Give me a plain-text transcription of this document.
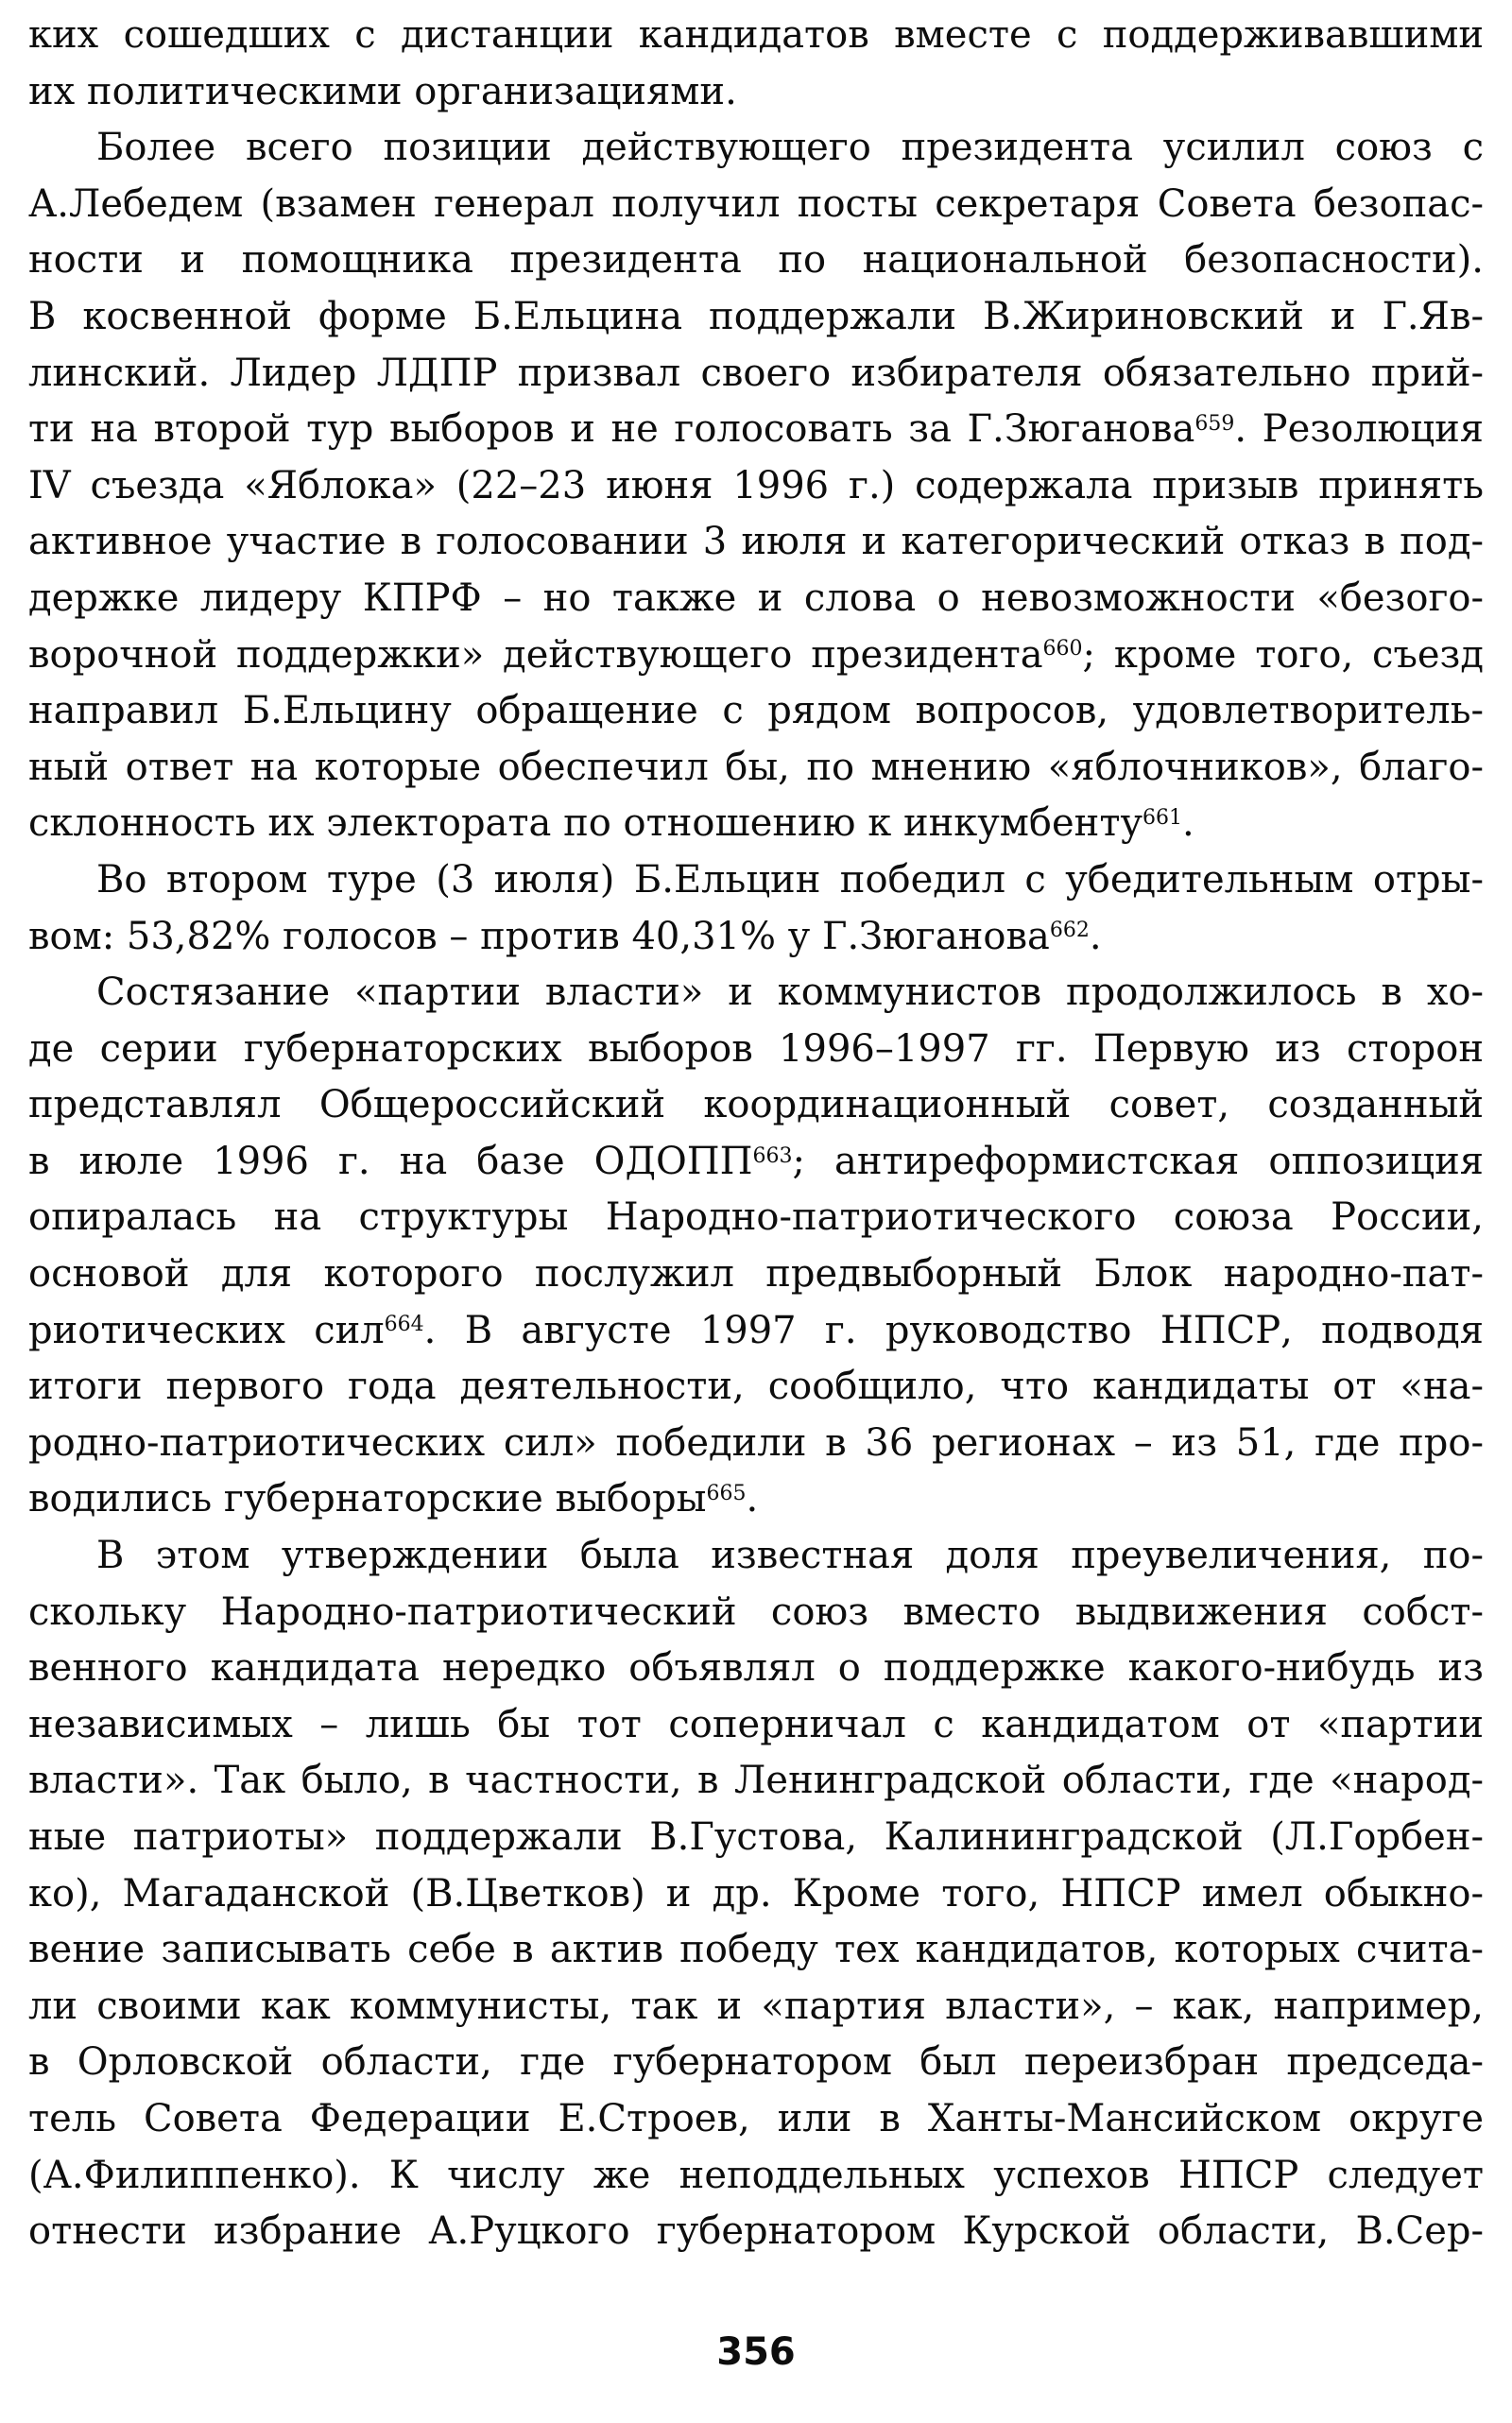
ких сошедших с дистанции кандидатов вместе с поддерживавшими
их политическими организациями.
Более всего позиции действующего президента усилил союз с
А.Лебедем (взамен генерал получил посты секретаря Совета безопас-
ности и помощника президента по национальной безопасности).
В косвенной форме Б.Ельцина поддержали В.Жириновский и Г.Яв-
линский. Лидер ЛДПР призвал своего избирателя обязательно прий-
ти на второй тур выборов и не голосовать за Г.Зюганова$^{659}$. Резолюция
IV съезда «Яблока» (22–23 июня 1996 г.) содержала призыв принять
активное участие в голосовании 3 июля и категорический отказ в под-
держке лидеру КПРФ – но также и слова о невозможности «безого-
ворочной поддержки» действующего президента$^{660}$; кроме того, съезд
направил Б.Ельцину обращение с рядом вопросов, удовлетворитель-
ный ответ на которые обеспечил бы, по мнению «яблочников», благо-
склонность их электората по отношению к инкумбенту$^{661}$.
Во втором туре (3 июля) Б.Ельцин победил с убедительным отры-
вом: 53,82% голосов – против 40,31% у Г.Зюганова$^{662}$.
Состязание «партии власти» и коммунистов продолжилось в хо-
де серии губернаторских выборов 1996–1997 гг. Первую из сторон
представлял Общероссийский координационный совет, созданный
в июле 1996 г. на базе ОДОПП$^{663}$; антиреформистская оппозиция
опиралась на структуры Народно-патриотического союза России,
основой для которого послужил предвыборный Блок народно-пат-
риотических сил$^{664}$. В августе 1997 г. руководство НПСР, подводя
итоги первого года деятельности, сообщило, что кандидаты от «на-
родно-патриотических сил» победили в 36 регионах – из 51, где про-
водились губернаторские выборы$^{665}$.
В этом утверждении была известная доля преувеличения, по-
скольку Народно-патриотический союз вместо выдвижения собст-
венного кандидата нередко объявлял о поддержке какого-нибудь из
независимых – лишь бы тот соперничал с кандидатом от «партии
власти». Так было, в частности, в Ленинградской области, где «народ-
ные патриоты» поддержали В.Густова, Калининградской (Л.Горбен-
ко), Магаданской (В.Цветков) и др. Кроме того, НПСР имел обыкно-
вение записывать себе в актив победу тех кандидатов, которых счита-
ли своими как коммунисты, так и «партия власти», – как, например,
в Орловской области, где губернатором был переизбран председа-
тель Совета Федерации Е.Строев, или в Ханты-Мансийском округе
(А.Филиппенко). К числу же неподдельных успехов НПСР следует
отнести избрание А.Руцкого губернатором Курской области, В.Сер-
356
